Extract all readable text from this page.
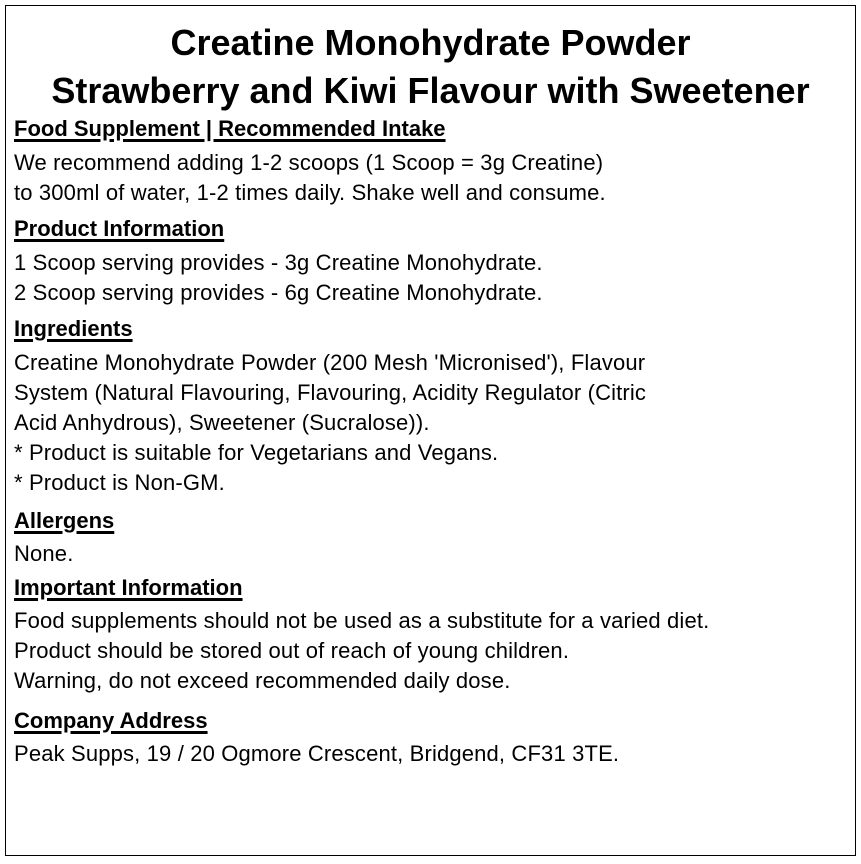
Creatine Monohydrate Powder
Strawberry and Kiwi Flavour with Sweetener
Food Supplement | Recommended Intake
We recommend adding 1-2 scoops (1 Scoop = 3g Creatine)
to 300ml of water, 1-2 times daily. Shake well and consume.
Product Information
1 Scoop serving provides - 3g Creatine Monohydrate.
2 Scoop serving provides - 6g Creatine Monohydrate.
Ingredients
Creatine Monohydrate Powder (200 Mesh 'Micronised'), Flavour
System (Natural Flavouring, Flavouring, Acidity Regulator (Citric
Acid Anhydrous), Sweetener (Sucralose)).
* Product is suitable for Vegetarians and Vegans.
* Product is Non-GM.
Allergens
None.
Important Information
Food supplements should not be used as a substitute for a varied diet.
Product should be stored out of reach of young children.
Warning, do not exceed recommended daily dose.
Company Address
Peak Supps, 19 / 20 Ogmore Crescent, Bridgend, CF31 3TE.
